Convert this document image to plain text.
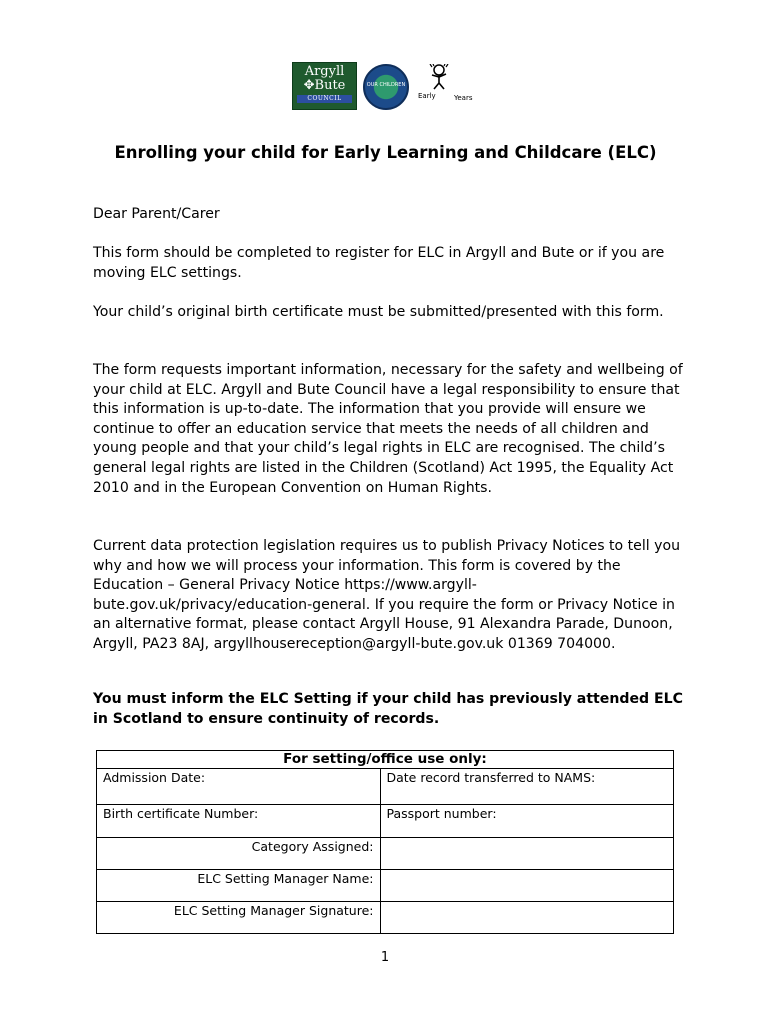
Argyll
✥Bute
COUNCIL
OUR CHILDREN
Early	Years
Enrolling your child for Early Learning and Childcare (ELC)

Dear Parent/Carer

This form should be completed to register for ELC in Argyll and Bute or if you are moving ELC settings.

Your child’s original birth certificate must be submitted/presented with this form.

The form requests important information, necessary for the safety and wellbeing of your child at ELC. Argyll and Bute Council have a legal responsibility to ensure that this information is up-to-date. The information that you provide will ensure we continue to offer an education service that meets the needs of all children and young people and that your child’s legal rights in ELC are recognised. The child’s general legal rights are listed in the Children (Scotland) Act 1995, the Equality Act 2010 and in the European Convention on Human Rights.

Current data protection legislation requires us to publish Privacy Notices to tell you why and how we will process your information. This form is covered by the Education – General Privacy Notice https://www.argyll-bute.gov.uk/privacy/education-general. If you require the form or Privacy Notice in an alternative format, please contact Argyll House, 91 Alexandra Parade, Dunoon, Argyll, PA23 8AJ, argyllhousereception@argyll-bute.gov.uk 01369 704000.

You must inform the ELC Setting if your child has previously attended ELC in Scotland to ensure continuity of records.

For setting/office use only:	
Admission Date:	Date record transferred to NAMS:
Birth certificate Number:	Passport number:
Category Assigned:	
ELC Setting Manager Name:	
ELC Setting Manager Signature:	
1
